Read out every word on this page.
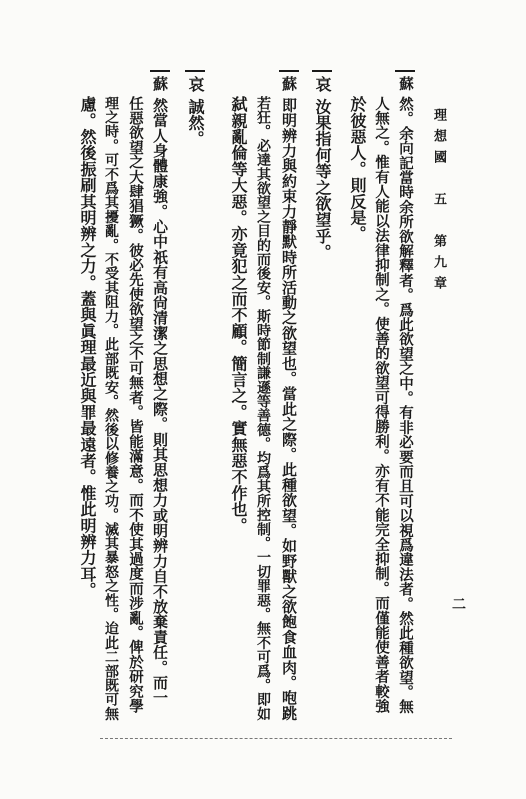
理想國　五　第九章
二
蘇然。余向記當時余所欲解釋者。爲此欲望之中。有非必要而且可以視爲違法者。然此種欲望。無
人無之。惟有人能以法律抑制之。使善的欲望可得勝利。亦有不能完全抑制。而僅能使善者較強
於彼惡人。則反是。
哀汝果指何等之欲望乎。
蘇即明辨力與約束力靜默時所活動之欲望也。當此之際。此種欲望。如野獸之欲飽食血肉。咆跳
若狂。必達其欲望之目的而後安。斯時節制謙遜等善德。均爲其所控制。一切罪惡。無不可爲。即如
弑親亂倫等大惡。亦竟犯之而不顧。簡言之。實無惡不作也。
哀誠然。
蘇然當人身體康強。心中祇有高尙清潔之思想之際。則其思想力或明辨力自不放棄責任。而一
任惡欲望之大肆猖獗。彼必先使欲望之不可無者。皆能滿意。而不使其過度而涉亂。俾於研究學
理之時。可不爲其擾亂。不受其阻力。此部既安。然後以修養之功。滅其暴怒之性。迨此二部既可無
慮。然後振刷其明辨之力。蓋與眞理最近與罪最遠者。惟此明辨力耳。
